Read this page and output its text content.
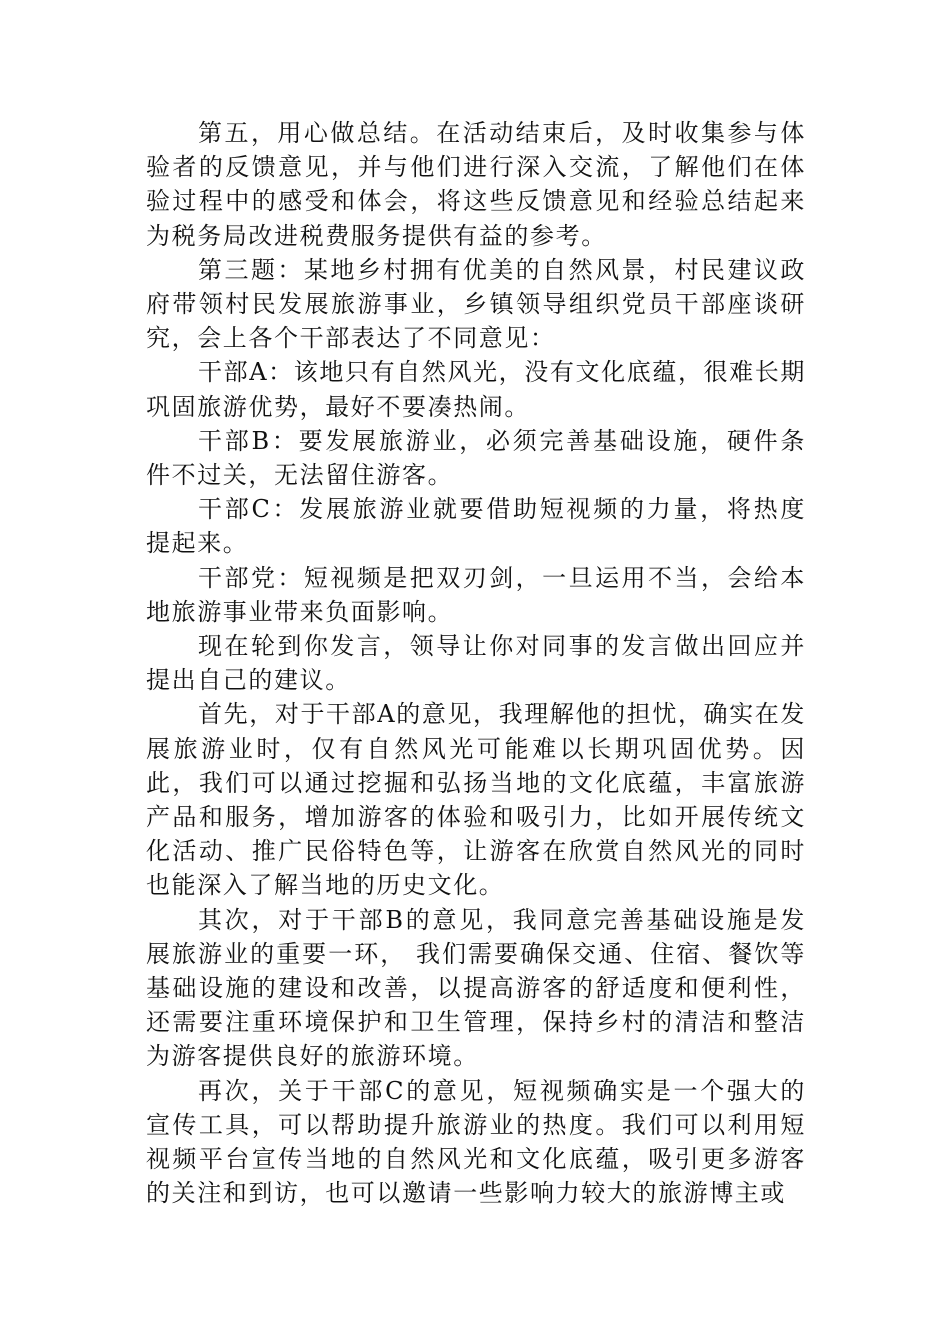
第五，用心做总结。在活动结束后，及时收集参与体验者的反馈意见，并与他们进行深入交流，了解他们在体验过程中的感受和体会，将这些反馈意见和经验总结起来为税务局改进税费服务提供有益的参考。

第三题：某地乡村拥有优美的自然风景，村民建议政府带领村民发展旅游事业，乡镇领导组织党员干部座谈研究，会上各个干部表达了不同意见：

干部A：该地只有自然风光，没有文化底蕴，很难长期巩固旅游优势，最好不要凑热闹。

干部B：要发展旅游业，必须完善基础设施，硬件条件不过关，无法留住游客。

干部C：发展旅游业就要借助短视频的力量，将热度提起来。

干部党：短视频是把双刃剑，一旦运用不当，会给本地旅游事业带来负面影响。

现在轮到你发言，领导让你对同事的发言做出回应并提出自己的建议。

首先，对于干部A的意见，我理解他的担忧，确实在发展旅游业时，仅有自然风光可能难以长期巩固优势。因此，我们可以通过挖掘和弘扬当地的文化底蕴，丰富旅游产品和服务，增加游客的体验和吸引力，比如开展传统文化活动、推广民俗特色等，让游客在欣赏自然风光的同时也能深入了解当地的历史文化。

其次，对于干部B的意见，我同意完善基础设施是发展旅游业的重要一环， 我们需要确保交通、住宿、餐饮等基础设施的建设和改善，以提高游客的舒适度和便利性，还需要注重环境保护和卫生管理，保持乡村的清洁和整洁为游客提供良好的旅游环境。

再次，关于干部C的意见，短视频确实是一个强大的宣传工具，可以帮助提升旅游业的热度。我们可以利用短视频平台宣传当地的自然风光和文化底蕴，吸引更多游客的关注和到访，也可以邀请一些影响力较大的旅游博主或
